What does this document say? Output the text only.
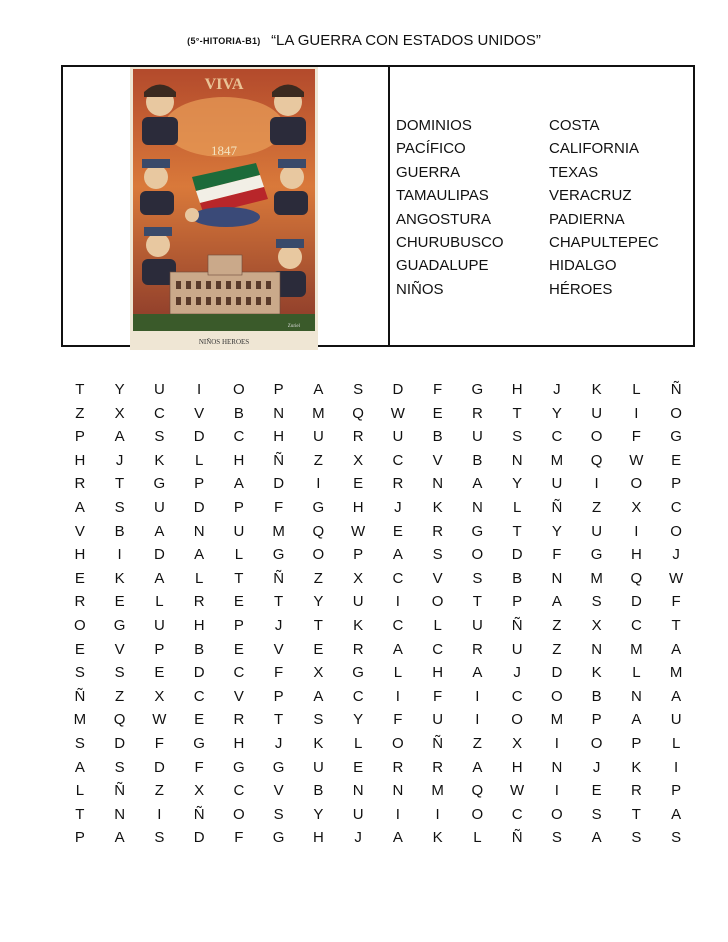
(5°-HITORIA-B1) “LA GUERRA CON ESTADOS UNIDOS”
VIVA
1847
NIÑOS HEROES
Zuriel
DOMINIOS	COSTA
PACÍFICO	CALIFORNIA
GUERRA	TEXAS
TAMAULIPAS	VERACRUZ
ANGOSTURA	PADIERNA
CHURUBUSCO	CHAPULTEPEC
GUADALUPE	HIDALGO
NIÑOS	HÉROES
T	Y	U	I	O	P	A	S	D	F	G	H	J	K	L	Ñ
Z	X	C	V	B	N	M	Q	W	E	R	T	Y	U	I	O
P	A	S	D	C	H	U	R	U	B	U	S	C	O	F	G
H	J	K	L	H	Ñ	Z	X	C	V	B	N	M	Q	W	E
R	T	G	P	A	D	I	E	R	N	A	Y	U	I	O	P
A	S	U	D	P	F	G	H	J	K	N	L	Ñ	Z	X	C
V	B	A	N	U	M	Q	W	E	R	G	T	Y	U	I	O
H	I	D	A	L	G	O	P	A	S	O	D	F	G	H	J
E	K	A	L	T	Ñ	Z	X	C	V	S	B	N	M	Q	W
R	E	L	R	E	T	Y	U	I	O	T	P	A	S	D	F
O	G	U	H	P	J	T	K	C	L	U	Ñ	Z	X	C	T
E	V	P	B	E	V	E	R	A	C	R	U	Z	N	M	A
S	S	E	D	C	F	X	G	L	H	A	J	D	K	L	M
Ñ	Z	X	C	V	P	A	C	I	F	I	C	O	B	N	A
M	Q	W	E	R	T	S	Y	F	U	I	O	M	P	A	U
S	D	F	G	H	J	K	L	O	Ñ	Z	X	I	O	P	L
A	S	D	F	G	G	U	E	R	R	A	H	N	J	K	I
L	Ñ	Z	X	C	V	B	N	N	M	Q	W	I	E	R	P
T	N	I	Ñ	O	S	Y	U	I	I	O	C	O	S	T	A
P	A	S	D	F	G	H	J	A	K	L	Ñ	S	A	S	S
